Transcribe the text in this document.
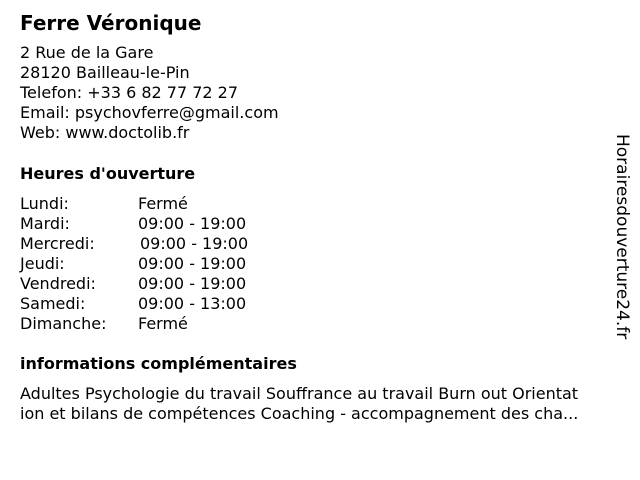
Ferre Véronique
2 Rue de la Gare
28120 Bailleau-le-Pin
Telefon: +33 6 82 77 72 27
Email: psychovferre@gmail.com
Web: www.doctolib.fr
Heures d'ouverture
Lundi:	Fermé
Mardi:	09:00 - 19:00
Mercredi:	09:00 - 19:00
Jeudi:	09:00 - 19:00
Vendredi:	09:00 - 19:00
Samedi:	09:00 - 13:00
Dimanche: Fermé
informations complémentaires
Adultes Psychologie du travail Souffrance au travail Burn out Orientat
ion et bilans de compétences Coaching - accompagnement des cha...
Horairesdouverture24.fr
